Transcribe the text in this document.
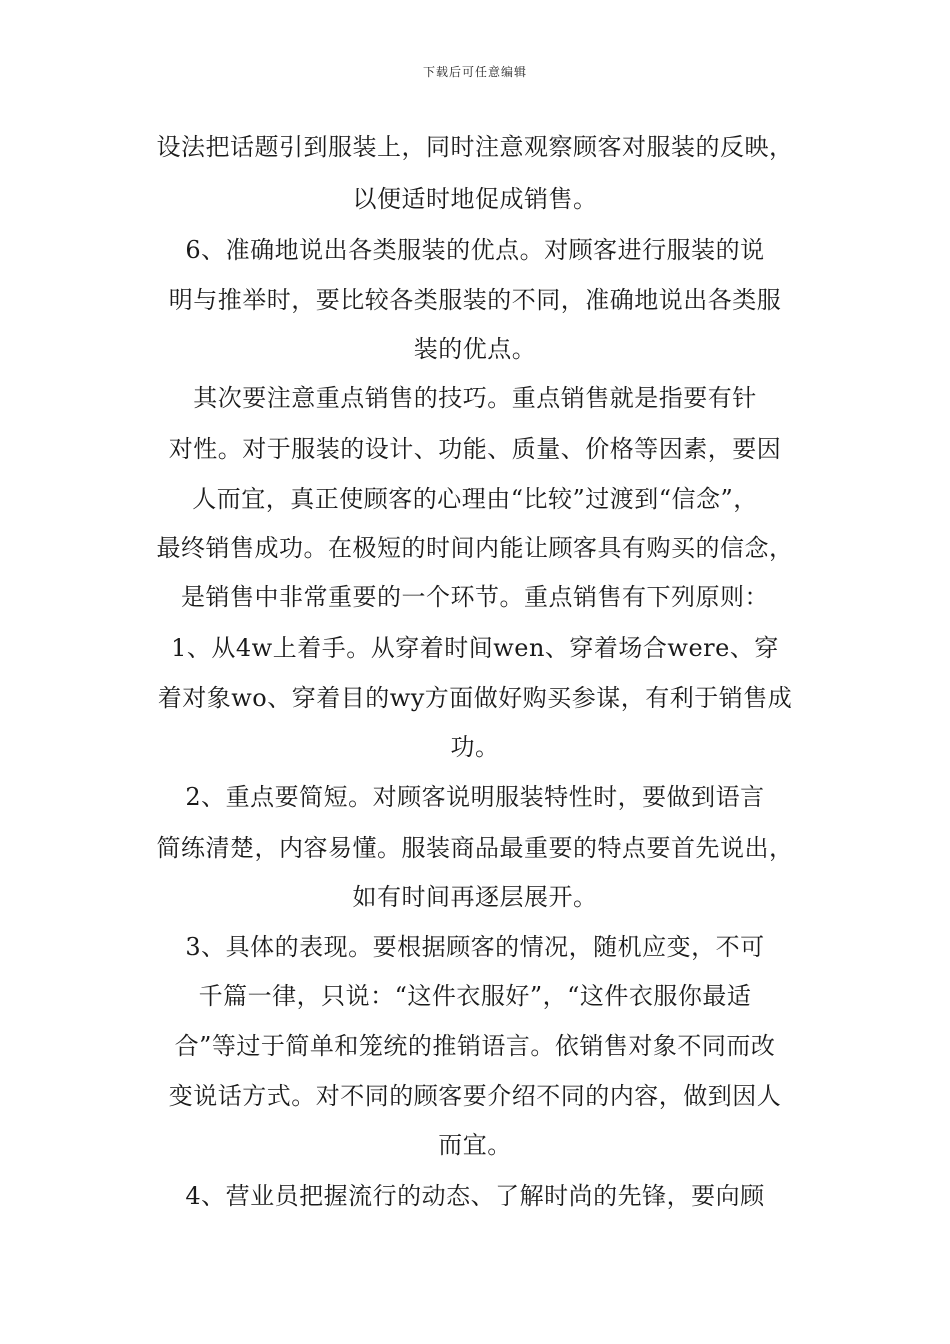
下载后可任意编辑
设法把话题引到服装上，同时注意观察顾客对服装的反映，
以便适时地促成销售。
6、准确地说出各类服装的优点。对顾客进行服装的说
明与推举时，要比较各类服装的不同，准确地说出各类服
装的优点。
其次要注意重点销售的技巧。重点销售就是指要有针
对性。对于服装的设计、功能、质量、价格等因素，要因
人而宜，真正使顾客的心理由“比较”过渡到“信念”，
最终销售成功。在极短的时间内能让顾客具有购买的信念，
是销售中非常重要的一个环节。重点销售有下列原则：
1、从4w上着手。从穿着时间wen、穿着场合were、穿
着对象wo、穿着目的wy方面做好购买参谋，有利于销售成
功。
2、重点要简短。对顾客说明服装特性时，要做到语言
简练清楚，内容易懂。服装商品最重要的特点要首先说出，
如有时间再逐层展开。
3、具体的表现。要根据顾客的情况，随机应变，不可
千篇一律，只说：“这件衣服好”，“这件衣服你最适
合”等过于简单和笼统的推销语言。依销售对象不同而改
变说话方式。对不同的顾客要介绍不同的内容，做到因人
而宜。
4、营业员把握流行的动态、了解时尚的先锋，要向顾
